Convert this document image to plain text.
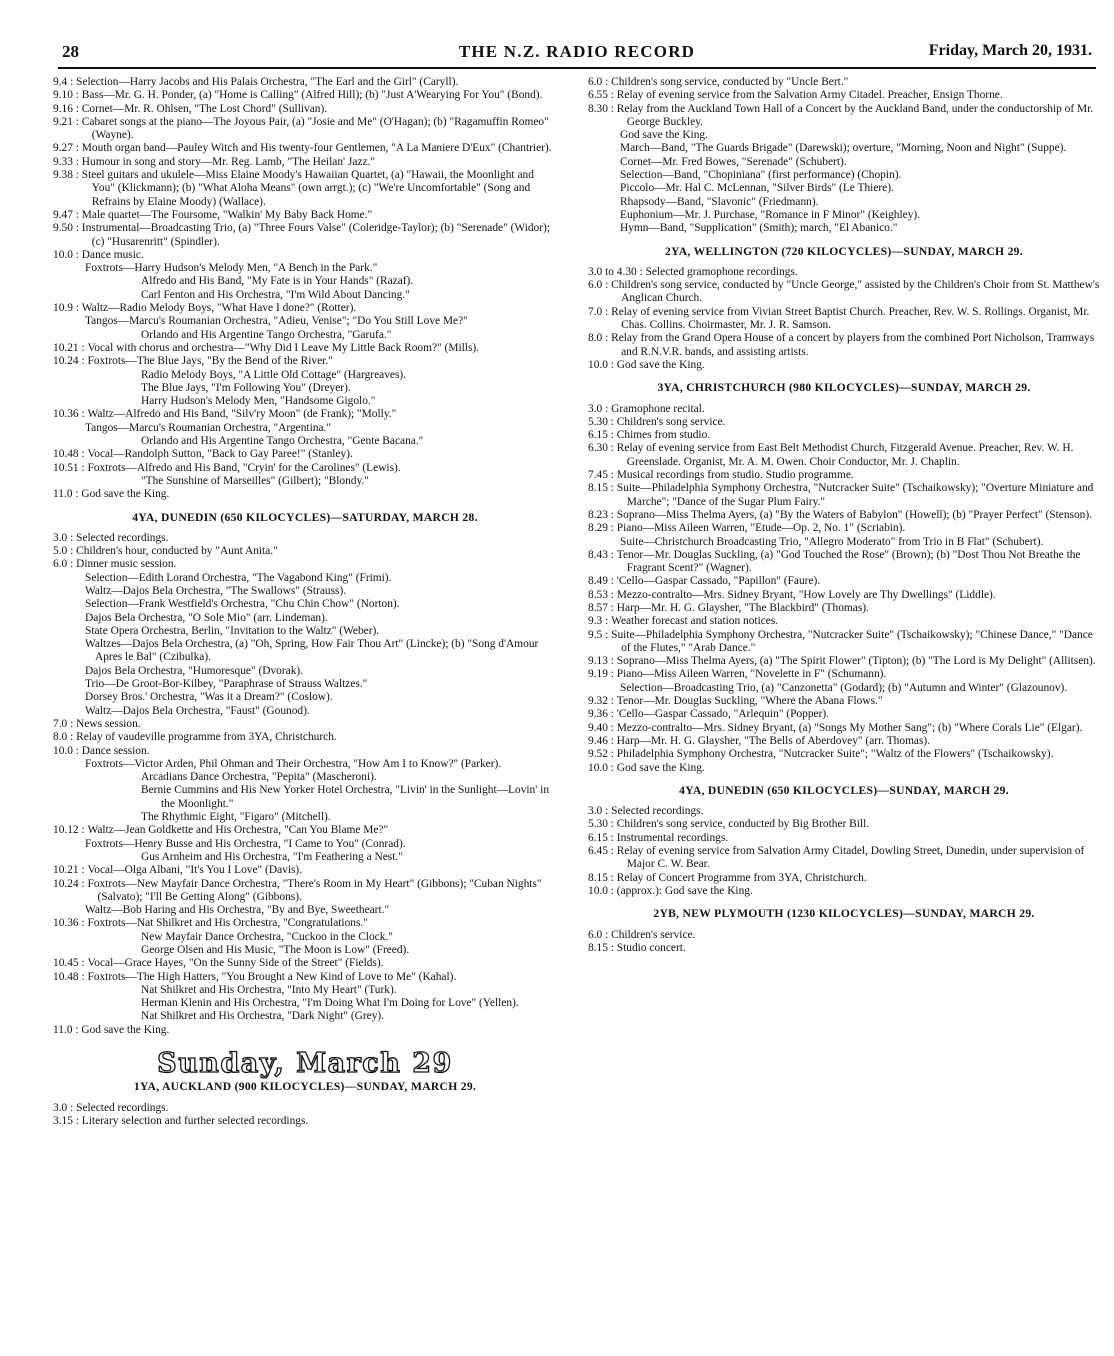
28	THE N.Z. RADIO RECORD	Friday, March 20, 1931.
9.4 : Selection—Harry Jacobs and His Palais Orchestra, "The Earl and the Girl" (Caryll).
9.10 : Bass—Mr. G. H. Ponder, (a) "Home is Calling" (Alfred Hill); (b) "Just A'Wearying For You" (Bond).
9.16 : Cornet—Mr. R. Ohlsen, "The Lost Chord" (Sullivan).
9.21 : Cabaret songs at the piano—The Joyous Pair, (a) "Josie and Me" (O'Hagan); (b) "Ragamuffin Romeo" (Wayne).
9.27 : Mouth organ band—Pauley Witch and His twenty-four Gentlemen, "A La Maniere D'Eux" (Chantrier).
9.33 : Humour in song and story—Mr. Reg. Lamb, "The Heilan' Jazz."
9.38 : Steel guitars and ukulele—Miss Elaine Moody's Hawaiian Quartet, (a) "Hawaii, the Moonlight and You" (Klickmann); (b) "What Aloha Means" (own arrgt.); (c) "We're Uncomfortable" (Song and Refrains by Elaine Moody) (Wallace).
9.47 : Male quartet—The Foursome, "Walkin' My Baby Back Home."
9.50 : Instrumental—Broadcasting Trio, (a) "Three Fours Valse" (Coleridge-Taylor); (b) "Serenade" (Widor); (c) "Husarenritt" (Spindler).
10.0 : Dance music.
Foxtrots—Harry Hudson's Melody Men, "A Bench in the Park."
Alfredo and His Band, "My Fate is in Your Hands" (Razaf).
Carl Fenton and His Orchestra, "I'm Wild About Dancing."
10.9 : Waltz—Radio Melody Boys, "What Have I done?" (Rotter).
Tangos—Marcu's Roumanian Orchestra, "Adieu, Venise"; "Do You Still Love Me?"
Orlando and His Argentine Tango Orchestra, "Garufa."
10.21 : Vocal with chorus and orchestra—"Why Did I Leave My Little Back Room?" (Mills).
10.24 : Foxtrots—The Blue Jays, "By the Bend of the River."
Radio Melody Boys, "A Little Old Cottage" (Hargreaves).
The Blue Jays, "I'm Following You" (Dreyer).
Harry Hudson's Melody Men, "Handsome Gigolo."
10.36 : Waltz—Alfredo and His Band, "Silv'ry Moon" (de Frank); "Molly."
Tangos—Marcu's Roumanian Orchestra, "Argentina."
Orlando and His Argentine Tango Orchestra, "Gente Bacana."
10.48 : Vocal—Randolph Sutton, "Back to Gay Paree!" (Stanley).
10.51 : Foxtrots—Alfredo and His Band, "Cryin' for the Carolines" (Lewis).
"The Sunshine of Marseilles" (Gilbert); "Blondy."
11.0 : God save the King.
4YA, DUNEDIN (650 KILOCYCLES)—SATURDAY, MARCH 28.
3.0 : Selected recordings.
5.0 : Children's hour, conducted by "Aunt Anita."
6.0 : Dinner music session.
Selection—Edith Lorand Orchestra, "The Vagabond King" (Frimi).
Waltz—Dajos Bela Orchestra, "The Swallows" (Strauss).
Selection—Frank Westfield's Orchestra, "Chu Chin Chow" (Norton).
Dajos Bela Orchestra, "O Sole Mio" (arr. Lindeman).
State Opera Orchestra, Berlin, "Invitation to the Waltz" (Weber).
Waltzes—Dajos Bela Orchestra, (a) "Oh, Spring, How Fair Thou Art" (Lincke); (b) "Song d'Amour Apres le Bal" (Czibulka).
Dajos Bela Orchestra, "Humoresque" (Dvorak).
Trio—De Groot-Bor-Kilbey, "Paraphrase of Strauss Waltzes."
Dorsey Bros.' Orchestra, "Was it a Dream?" (Coslow).
Waltz—Dajos Bela Orchestra, "Faust" (Gounod).
7.0 : News session.
8.0 : Relay of vaudeville programme from 3YA, Christchurch.
10.0 : Dance session.
Foxtrots—Victor Arden, Phil Ohman and Their Orchestra, "How Am I to Know?" (Parker).
Arcadians Dance Orchestra, "Pepita" (Mascheroni).
Bernie Cummins and His New Yorker Hotel Orchestra, "Livin' in the Sunlight—Lovin' in the Moonlight."
The Rhythmic Eight, "Figaro" (Mitchell).
10.12 : Waltz—Jean Goldkette and His Orchestra, "Can You Blame Me?"
Foxtrots—Henry Busse and His Orchestra, "I Came to You" (Conrad).
Gus Arnheim and His Orchestra, "I'm Feathering a Nest."
10.21 : Vocal—Olga Albani, "It's You I Love" (Davis).
10.24 : Foxtrots—New Mayfair Dance Orchestra, "There's Room in My Heart" (Gibbons); "Cuban Nights" (Salvato); "I'll Be Getting Along" (Gibbons).
Waltz—Bob Haring and His Orchestra, "By and Bye, Sweetheart."
10.36 : Foxtrots—Nat Shilkret and His Orchestra, "Congratulations."
New Mayfair Dance Orchestra, "Cuckoo in the Clock."
George Olsen and His Music, "The Moon is Low" (Freed).
10.45 : Vocal—Grace Hayes, "On the Sunny Side of the Street" (Fields).
10.48 : Foxtrots—The High Hatters, "You Brought a New Kind of Love to Me" (Kahal).
Nat Shilkret and His Orchestra, "Into My Heart" (Turk).
Herman Klenin and His Orchestra, "I'm Doing What I'm Doing for Love" (Yellen).
Nat Shilkret and His Orchestra, "Dark Night" (Grey).
11.0 : God save the King.
Sunday, March 29
1YA, AUCKLAND (900 KILOCYCLES)—SUNDAY, MARCH 29.
3.0 : Selected recordings.
3.15 : Literary selection and further selected recordings.
6.0 : Children's song service, conducted by "Uncle Bert."
6.55 : Relay of evening service from the Salvation Army Citadel. Preacher, Ensign Thorne.
8.30 : Relay from the Auckland Town Hall of a Concert by the Auckland Band, under the conductorship of Mr. George Buckley.
God save the King.
March—Band, "The Guards Brigade" (Darewski); overture, "Morning, Noon and Night" (Suppe).
Cornet—Mr. Fred Bowes, "Serenade" (Schubert).
Selection—Band, "Chopiniana" (first performance) (Chopin).
Piccolo—Mr. Hal C. McLennan, "Silver Birds" (Le Thiere).
Rhapsody—Band, "Slavonic" (Friedmann).
Euphonium—Mr. J. Purchase, "Romance in F Minor" (Keighley).
Hymn—Band, "Supplication" (Smith); march, "El Abanico."
2YA, WELLINGTON (720 KILOCYCLES)—SUNDAY, MARCH 29.
3.0 to 4.30 : Selected gramophone recordings.
6.0 : Children's song service, conducted by "Uncle George," assisted by the Children's Choir from St. Matthew's Anglican Church.
7.0 : Relay of evening service from Vivian Street Baptist Church. Preacher, Rev. W. S. Rollings. Organist, Mr. Chas. Collins. Choirmaster, Mr. J. R. Samson.
8.0 : Relay from the Grand Opera House of a concert by players from the combined Port Nicholson, Tramways and R.N.V.R. bands, and assisting artists.
10.0 : God save the King.
3YA, CHRISTCHURCH (980 KILOCYCLES)—SUNDAY, MARCH 29.
3.0 : Gramophone recital.
5.30 : Children's song service.
6.15 : Chimes from studio.
6.30 : Relay of evening service from East Belt Methodist Church, Fitzgerald Avenue. Preacher, Rev. W. H. Greenslade. Organist, Mr. A. M. Owen. Choir Conductor, Mr. J. Chaplin.
7.45 : Musical recordings from studio. Studio programme.
8.15 : Suite—Philadelphia Symphony Orchestra, "Nutcracker Suite" (Tschaikowsky); "Overture Miniature and Marche"; "Dance of the Sugar Plum Fairy."
8.23 : Soprano—Miss Thelma Ayers, (a) "By the Waters of Babylon" (Howell); (b) "Prayer Perfect" (Stenson).
8.29 : Piano—Miss Aileen Warren, "Etude—Op. 2, No. 1" (Scriabin).
Suite—Christchurch Broadcasting Trio, "Allegro Moderato" from Trio in B Flat" (Schubert).
8.43 : Tenor—Mr. Douglas Suckling, (a) "God Touched the Rose" (Brown); (b) "Dost Thou Not Breathe the Fragrant Scent?" (Wagner).
8.49 : 'Cello—Gaspar Cassado, "Papillon" (Faure).
8.53 : Mezzo-contralto—Mrs. Sidney Bryant, "How Lovely are Thy Dwellings" (Liddle).
8.57 : Harp—Mr. H. G. Glaysher, "The Blackbird" (Thomas).
9.3 : Weather forecast and station notices.
9.5 : Suite—Philadelphia Symphony Orchestra, "Nutcracker Suite" (Tschaikowsky); "Chinese Dance," "Dance of the Flutes," "Arab Dance."
9.13 : Soprano—Miss Thelma Ayers, (a) "The Spirit Flower" (Tipton); (b) "The Lord is My Delight" (Allitsen).
9.19 : Piano—Miss Aileen Warren, "Novelette in F" (Schumann).
Selection—Broadcasting Trio, (a) "Canzonetta" (Godard); (b) "Autumn and Winter" (Glazounov).
9.32 : Tenor—Mr. Douglas Suckling, "Where the Abana Flows."
9.36 : 'Cello—Gaspar Cassado, "Arlequin" (Popper).
9.40 : Mezzo-contralto—Mrs. Sidney Bryant, (a) "Songs My Mother Sang"; (b) "Where Corals Lie" (Elgar).
9.46 : Harp—Mr. H. G. Glaysher, "The Bells of Aberdovey" (arr. Thomas).
9.52 : Philadelphia Symphony Orchestra, "Nutcracker Suite"; "Waltz of the Flowers" (Tschaikowsky).
10.0 : God save the King.
4YA, DUNEDIN (650 KILOCYCLES)—SUNDAY, MARCH 29.
3.0 : Selected recordings.
5.30 : Children's song service, conducted by Big Brother Bill.
6.15 : Instrumental recordings.
6.45 : Relay of evening service from Salvation Army Citadel, Dowling Street, Dunedin, under supervision of Major C. W. Bear.
8.15 : Relay of Concert Programme from 3YA, Christchurch.
10.0 : (approx.): God save the King.
2YB, NEW PLYMOUTH (1230 KILOCYCLES)—SUNDAY, MARCH 29.
6.0 : Children's service.
8.15 : Studio concert.
